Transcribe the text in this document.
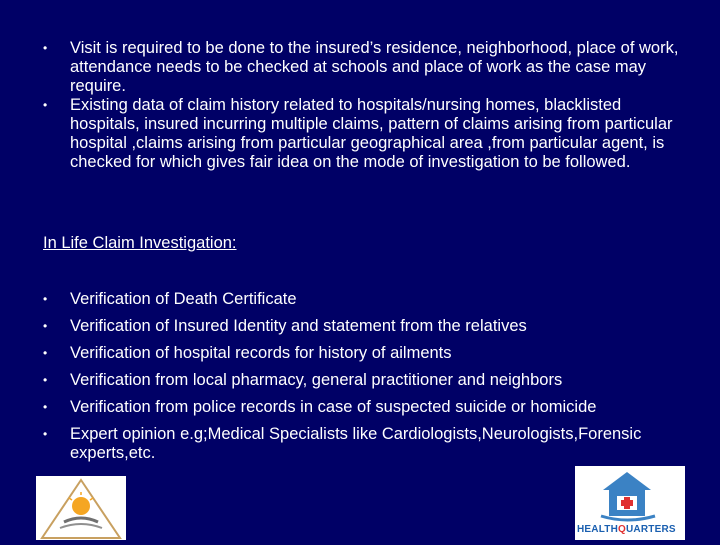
• Visit is required to be done to the insured’s residence, neighborhood, place of work, attendance needs to be checked at schools and place of work as the case may require.
• Existing data of claim history related to hospitals/nursing homes, blacklisted hospitals, insured incurring multiple claims, pattern of claims arising from particular hospital ,claims arising from particular geographical area ,from particular agent, is checked for which gives fair idea on the mode of investigation to be followed.
In Life Claim Investigation:
• Verification of Death Certificate
• Verification of Insured Identity and statement from the relatives
• Verification of hospital records for history of ailments
• Verification from local pharmacy, general practitioner and neighbors
• Verification from police records in case of suspected suicide or homicide
• Expert opinion e.g;Medical Specialists like Cardiologists,Neurologists,Forensic experts,etc.
HEALTHQUARTERS
